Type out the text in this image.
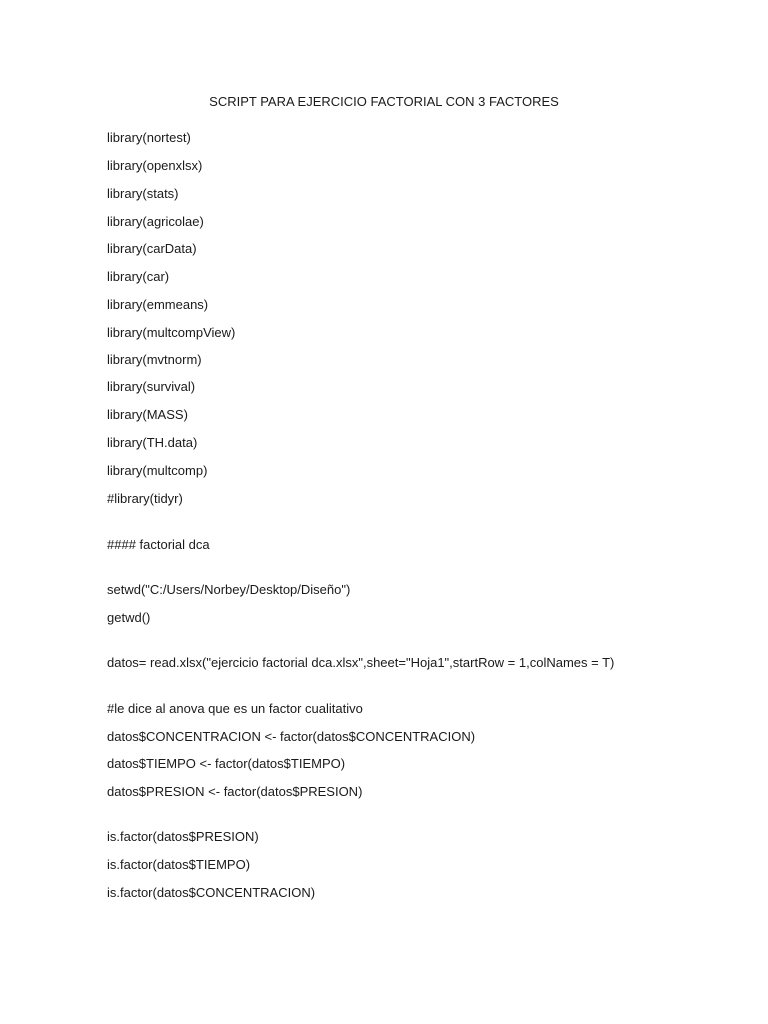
SCRIPT PARA EJERCICIO FACTORIAL CON 3 FACTORES
library(nortest)
library(openxlsx)
library(stats)
library(agricolae)
library(carData)
library(car)
library(emmeans)
library(multcompView)
library(mvtnorm)
library(survival)
library(MASS)
library(TH.data)
library(multcomp)
#library(tidyr)
#### factorial dca
setwd("C:/Users/Norbey/Desktop/Diseño")
getwd()
datos= read.xlsx("ejercicio factorial dca.xlsx",sheet="Hoja1",startRow = 1,colNames = T)
#le dice al anova que es un factor cualitativo
datos$CONCENTRACION <- factor(datos$CONCENTRACION)
datos$TIEMPO <- factor(datos$TIEMPO)
datos$PRESION <- factor(datos$PRESION)
is.factor(datos$PRESION)
is.factor(datos$TIEMPO)
is.factor(datos$CONCENTRACION)
